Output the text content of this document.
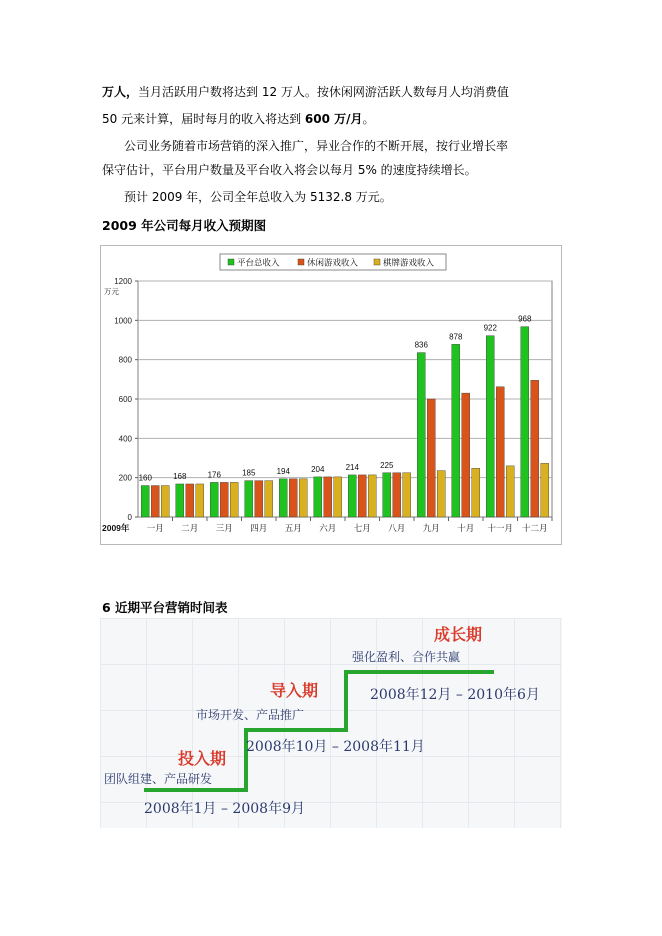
万人，当月活跃用户数将达到 12 万人。按休闲网游活跃人数每月人均消费值
50 元来计算，届时每月的收入将达到 600 万/月。
公司业务随着市场营销的深入推广，异业合作的不断开展，按行业增长率
保守估计，平台用户数量及平台收入将会以每月 5% 的速度持续增长。
预计 2009 年，公司全年总收入为 5132.8 万元。
2009 年公司每月收入预期图
0
200
400
600
800
1000
1200
万元
160
一月
168
二月
176
三月
185
四月
194
五月
204
六月
214
七月
225
八月
836
九月
878
十月
922
十一月
968
十二月
2009年
平台总收入	休闲游戏收入	棋牌游戏收入
6 近期平台营销时间表
投入期
团队组建、产品研发
2008年1月 – 2008年9月
导入期
市场开发、产品推广
2008年10月 – 2008年11月
成长期
强化盈利、合作共赢
2008年12月 – 2010年6月
